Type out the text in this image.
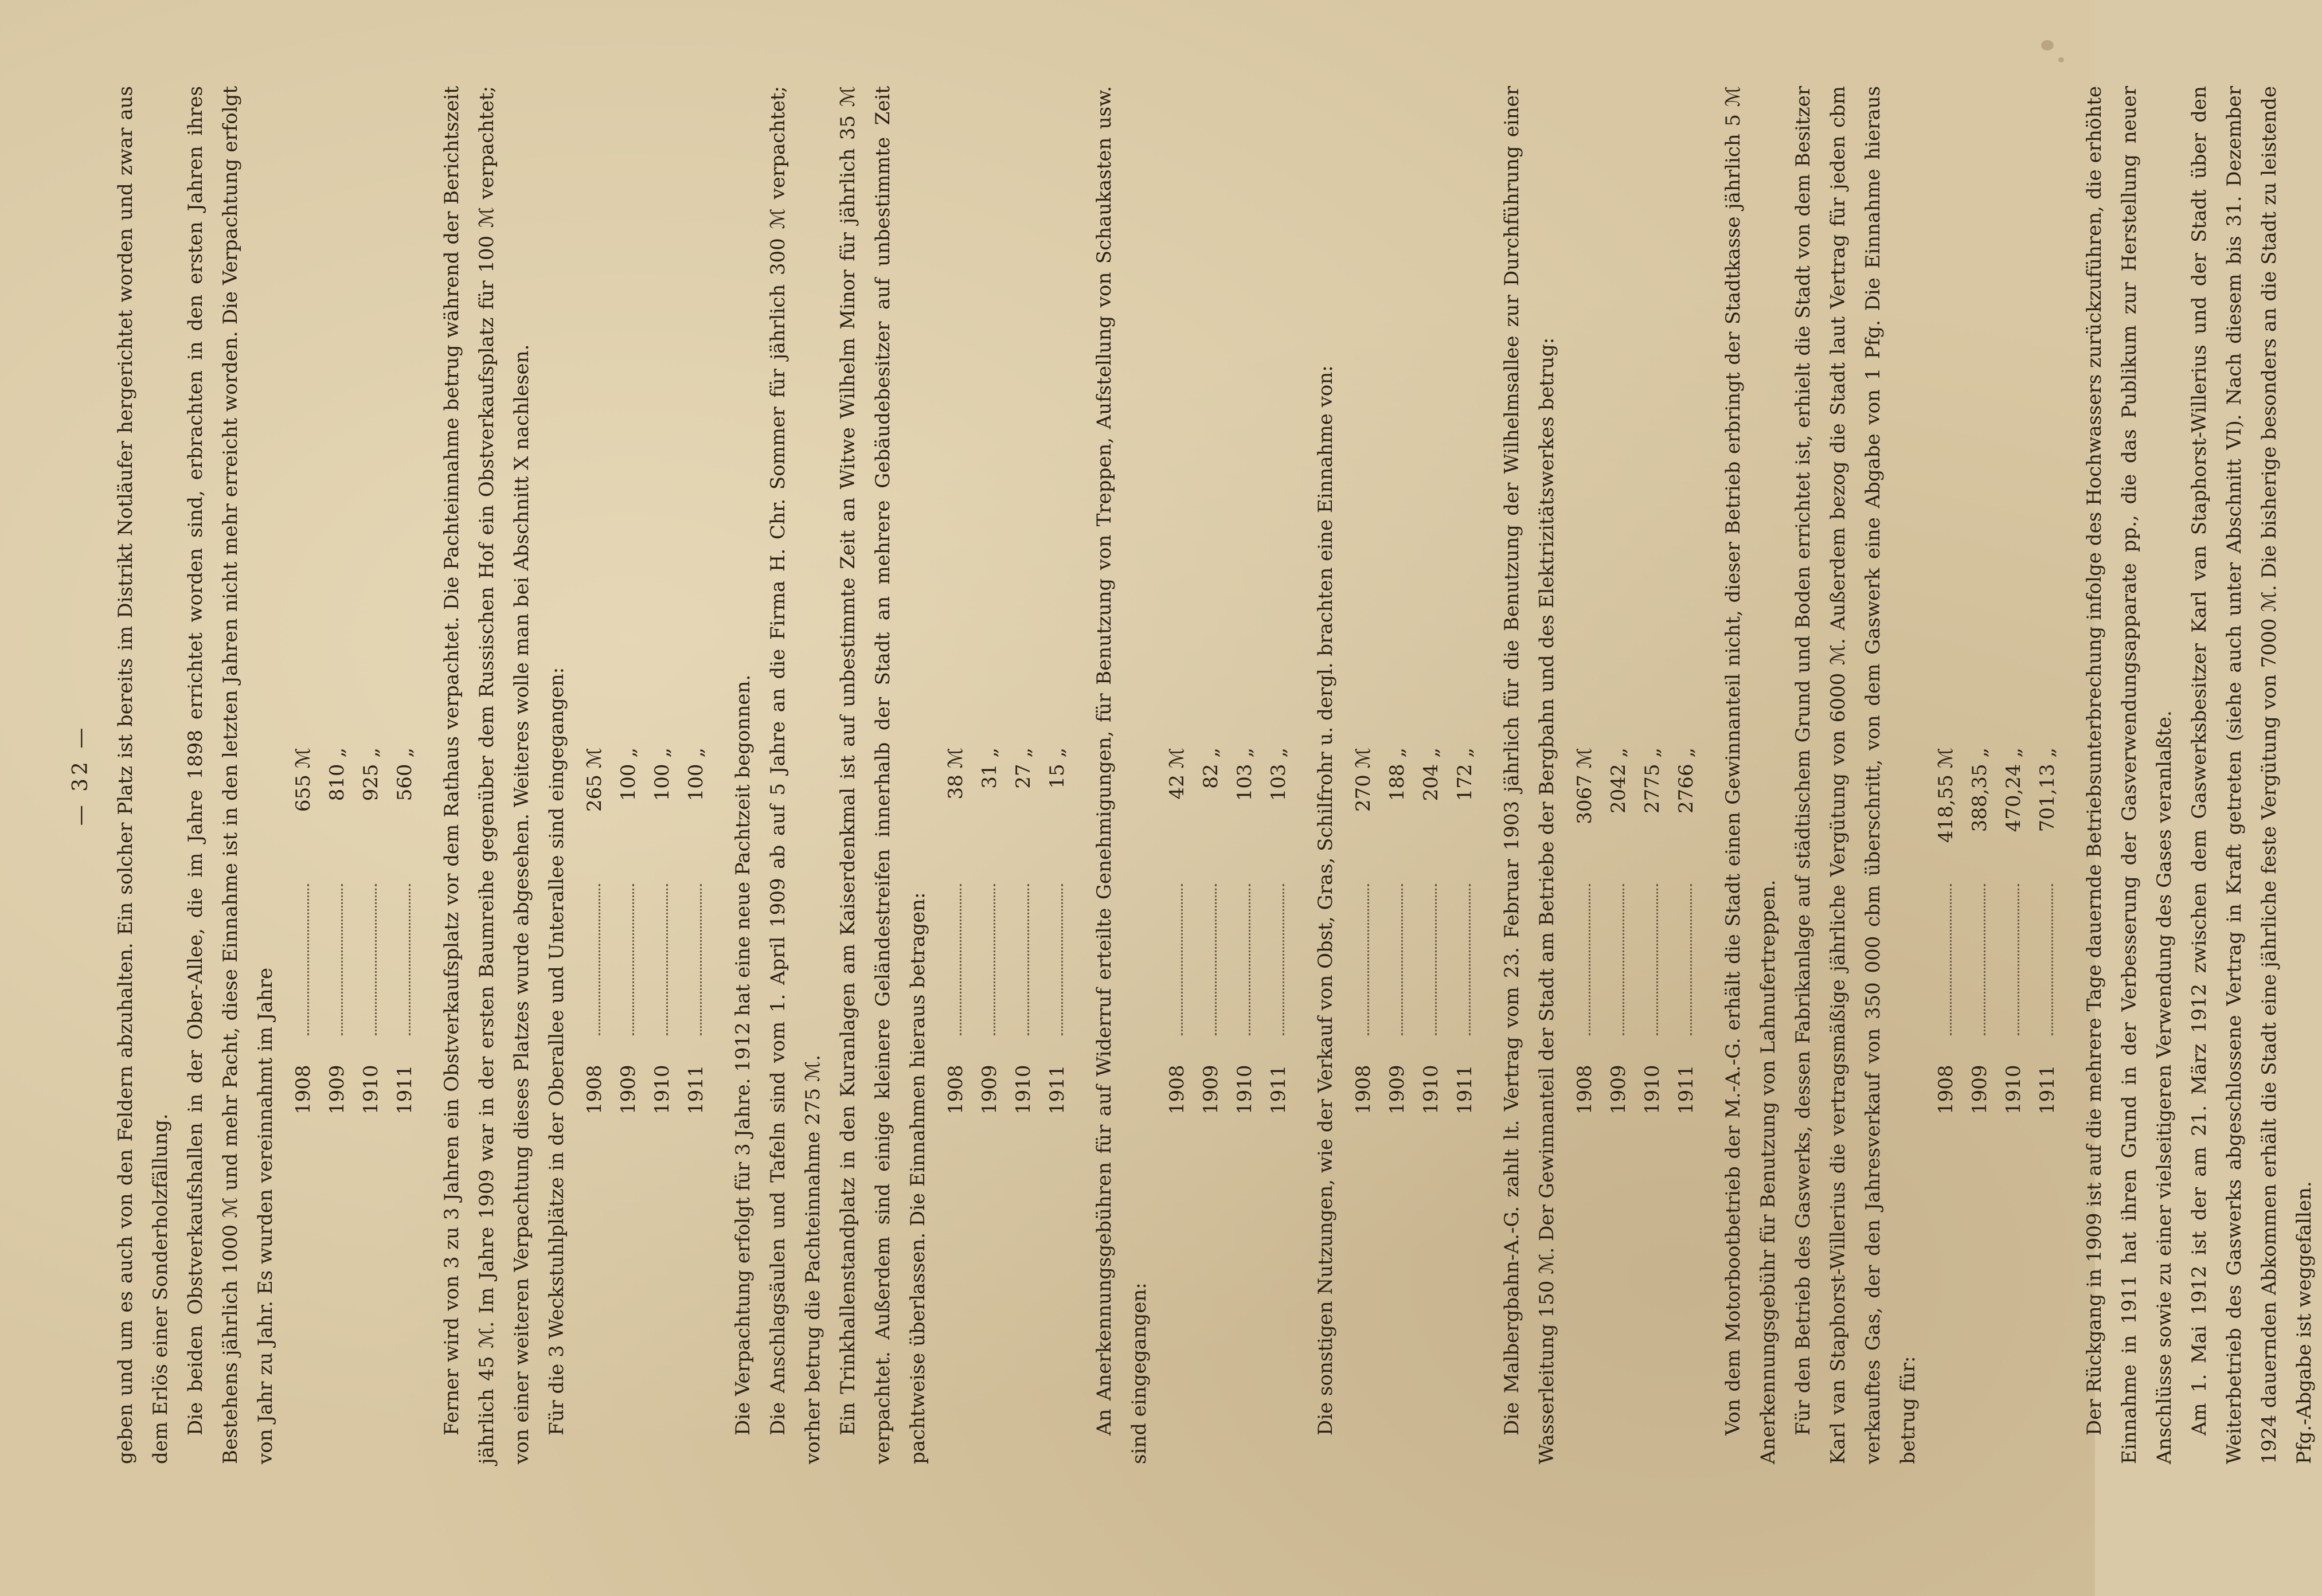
— 32 — geben und um es auch von den Feldern abzuhalten. Ein solcher Platz ist bereits im Distrikt Notläufer hergerichtet worden und zwar aus dem Erlös einer Sonderholzfällung. Die beiden Obstverkaufshallen in der Ober-Allee, die im Jahre 1898 errichtet worden sind, erbrachten in den ersten Jahren ihres Bestehens jährlich 1000 ℳ und mehr Pacht, diese Einnahme ist in den letzten Jahren nicht mehr erreicht worden. Die Verpachtung erfolgt von Jahr zu Jahr. Es wurden vereinnahmt im Jahre 1908
655 ℳ
1909
810 „
1910
925 „
1911
560 „ Ferner wird von 3 zu 3 Jahren ein Obstverkaufsplatz vor dem Rathaus verpachtet. Die Pachteinnahme betrug während der Berichtszeit jährlich 45 ℳ. Im Jahre 1909 war in der ersten Baumreihe gegenüber dem Russischen Hof ein Obstverkaufsplatz für 100 ℳ verpachtet; von einer weiteren Verpachtung dieses Platzes wurde abgesehen. Weiteres wolle man bei Abschnitt X nachlesen. Für die 3 Weckstuhlplätze in der Oberallee und Unterallee sind eingegangen: 1908
265 ℳ
1909
100 „
1910
100 „
1911
100 „ Die Verpachtung erfolgt für 3 Jahre. 1912 hat eine neue Pachtzeit begonnen. Die Anschlagsäulen und Tafeln sind vom 1. April 1909 ab auf 5 Jahre an die Firma H. Chr. Sommer für jährlich 300 ℳ verpachtet; vorher betrug die Pachteinnahme 275 ℳ. Ein Trinkhallenstandplatz in den Kuranlagen am Kaiserdenkmal ist auf unbestimmte Zeit an Witwe Wilhelm Minor für jährlich 35 ℳ verpachtet. Außerdem sind einige kleinere Geländestreifen innerhalb der Stadt an mehrere Gebäudebesitzer auf unbestimmte Zeit pachtweise überlassen. Die Einnahmen hieraus betragen: 1908
38 ℳ
1909
31 „
1910
27 „
1911
15 „ An Anerkennungsgebühren für auf Widerruf erteilte Genehmigungen, für Benutzung von Treppen, Aufstellung von Schaukasten usw. sind eingegangen:

1908
42 ℳ
1909
82 „
1910
103 „
1911
103 „ Die sonstigen Nutzungen, wie der Verkauf von Obst, Gras, Schilfrohr u. dergl. brachten eine Einnahme von: 1908
270 ℳ
1909
188 „
1910
204 „
1911
172 „ Die Malbergbahn-A.-G. zahlt lt. Vertrag vom 23. Februar 1903 jährlich für die Benutzung der Wilhelmsallee zur Durchführung einer Wasserleitung 150 ℳ. Der Gewinnanteil der Stadt am Betriebe der Bergbahn und des Elektrizitätswerkes betrug: 1908
3067 ℳ
1909
2042 „
1910
2775 „
1911
2766 „ Von dem Motorbootbetrieb der M.-A.-G. erhält die Stadt einen Gewinnanteil nicht, dieser Betrieb erbringt der Stadtkasse jährlich 5 ℳ Anerkennungsgebühr für Benutzung von Lahnufertreppen. Für den Betrieb des Gaswerks, dessen Fabrikanlage auf städtischem Grund und Boden errichtet ist, erhielt die Stadt von dem Besitzer Karl van Staphorst-Willerius die vertragsmäßige jährliche Vergütung von 6000 ℳ. Außerdem bezog die Stadt laut Vertrag für jeden cbm verkauftes Gas, der den Jahresverkauf von 350 000 cbm überschritt, von dem Gaswerk eine Abgabe von 1 Pfg. Die Einnahme hieraus betrug für:

1908
418,55 ℳ
1909
388,35 „
1910
470,24 „
1911
701,13 „ Der Rückgang in 1909 ist auf die mehrere Tage dauernde Betriebsunterbrechung infolge des Hochwassers zurückzuführen, die erhöhte Einnahme in 1911 hat ihren Grund in der Verbesserung der Gasverwendungsapparate pp., die das Publikum zur Herstellung neuer Anschlüsse sowie zu einer vielseitigeren Verwendung des Gases veranlaßte. Am 1. Mai 1912 ist der am 21. März 1912 zwischen dem Gaswerksbesitzer Karl van Staphorst-Willerius und der Stadt über den Weiterbetrieb des Gaswerks abgeschlossene Vertrag in Kraft getreten (siehe auch unter Abschnitt VI). Nach diesem bis 31. Dezember 1924 dauernden Abkommen erhält die Stadt eine jährliche feste Vergütung von 7000 ℳ. Die bisherige besonders an die Stadt zu leistende Pfg.-Abgabe ist weggefallen.
